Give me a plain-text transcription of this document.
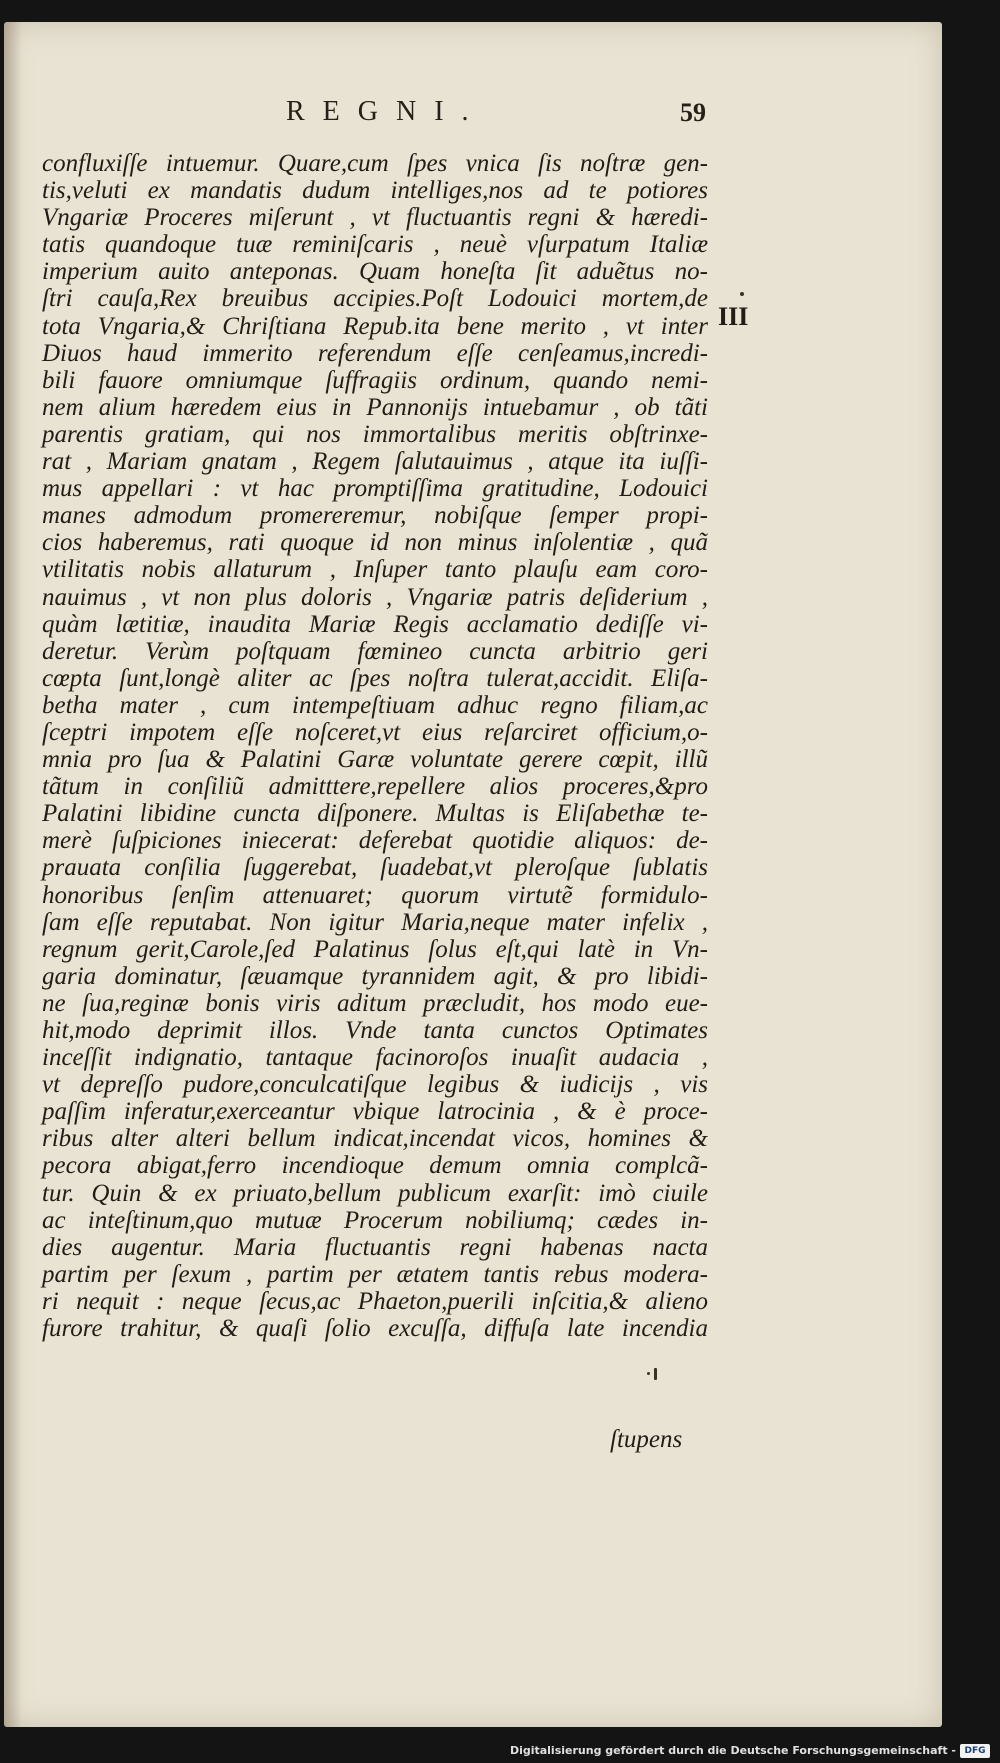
REGNI.	59
confluxiſſe intuemur. Quare,cum ſpes vnica ſis noſtræ gen-
tis,veluti ex mandatis dudum intelliges,nos ad te potiores
Vngariæ Proceres miſerunt , vt fluctuantis regni & hæredi-
tatis quandoque tuæ reminiſcaris , neuè vſurpatum Italiæ
imperium auito anteponas. Quam honeſta ſit aduẽtus no-
ſtri cauſa,Rex breuibus accipies.Poſt Lodouici mortem,de
tota Vngaria,& Chriſtiana Repub.ita bene merito , vt inter
Diuos haud immerito referendum eſſe cenſeamus,incredi-
bili fauore omniumque ſuffragiis ordinum, quando nemi-
nem alium hæredem eius in Pannonijs intuebamur , ob tãti
parentis gratiam, qui nos immortalibus meritis obſtrinxe-
rat , Mariam gnatam , Regem ſalutauimus , atque ita iuſſi-
mus appellari : vt hac promptiſſima gratitudine, Lodouici
manes admodum promereremur, nobiſque ſemper propi-
cios haberemus, rati quoque id non minus inſolentiæ , quã
vtilitatis nobis allaturum , Inſuper tanto plauſu eam coro-
nauimus , vt non plus doloris , Vngariæ patris deſiderium ,
quàm lætitiæ, inaudita Mariæ Regis acclamatio dediſſe vi-
deretur. Verùm poſtquam fœmineo cuncta arbitrio geri
cœpta ſunt,longè aliter ac ſpes noſtra tulerat,accidit. Eliſa-
betha mater , cum intempeſtiuam adhuc regno filiam,ac
ſceptri impotem eſſe noſceret,vt eius reſarciret officium,o-
mnia pro ſua & Palatini Garæ voluntate gerere cœpit, illũ
tãtum in conſiliũ admitttere,repellere alios proceres,&pro
Palatini libidine cuncta diſponere. Multas is Eliſabethæ te-
merè ſuſpiciones iniecerat: deferebat quotidie aliquos: de-
prauata conſilia ſuggerebat, ſuadebat,vt pleroſque ſublatis
honoribus ſenſim attenuaret; quorum virtutẽ formidulo-
ſam eſſe reputabat. Non igitur Maria,neque mater infelix ,
regnum gerit,Carole,ſed Palatinus ſolus eſt,qui latè in Vn-
garia dominatur, ſæuamque tyrannidem agit, & pro libidi-
ne ſua,reginæ bonis viris aditum præcludit, hos modo eue-
hit,modo deprimit illos. Vnde tanta cunctos Optimates
inceſſit indignatio, tantaque facinoroſos inuaſit audacia ,
vt depreſſo pudore,conculcatiſque legibus & iudicijs , vis
paſſim inferatur,exerceantur vbique latrocinia , & è proce-
ribus alter alteri bellum indicat,incendat vicos, homines &
pecora abigat,ferro incendioque demum omnia complcã-
tur. Quin & ex priuato,bellum publicum exarſit: imò ciuile
ac inteſtinum,quo mutuæ Procerum nobiliumq; cædes in-
dies augentur. Maria fluctuantis regni habenas nacta
partim per ſexum , partim per ætatem tantis rebus modera-
ri nequit : neque ſecus,ac Phaeton,puerili inſcitia,& alieno
furore trahitur, & quaſi ſolio excuſſa, diffuſa late incendia
III
ſtupens
Digitalisierung gefördert durch die Deutsche Forschungsgemeinschaft - DFG
